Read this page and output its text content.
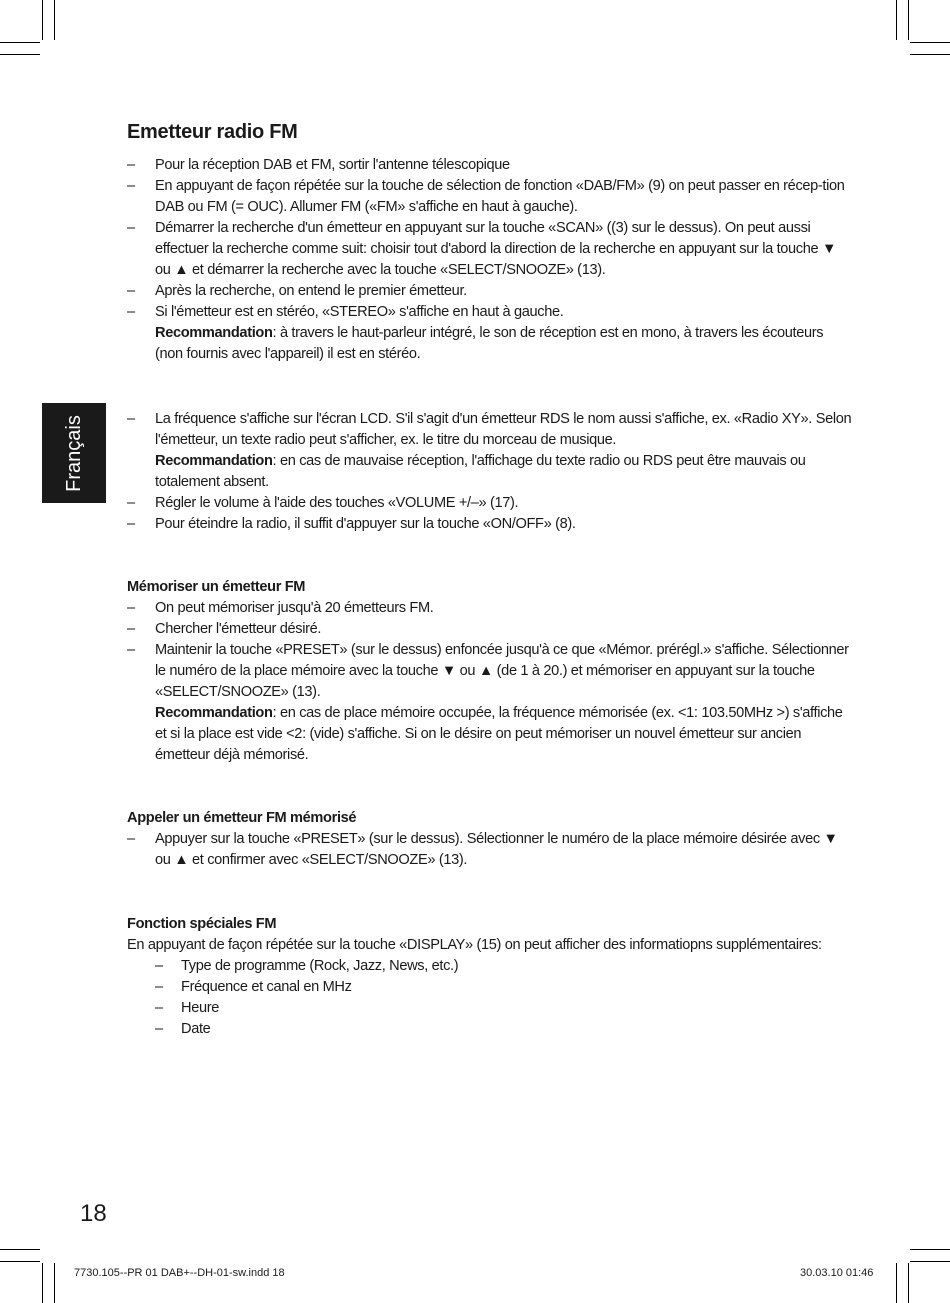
Français
Emetteur radio FM
– Pour la réception DAB et FM, sortir l'antenne télescopique
– En appuyant de façon répétée sur la touche de sélection de fonction «DAB/FM» (9) on peut passer en récep-tion DAB ou FM (= OUC). Allumer FM («FM» s'affiche en haut à gauche).
– Démarrer la recherche d'un émetteur en appuyant sur la touche «SCAN» ((3) sur le dessus). On peut aussi effectuer la recherche comme suit: choisir tout d'abord la direction de la recherche en appuyant sur la touche ▼ ou ▲ et démarrer la recherche avec la touche «SELECT/SNOOZE» (13).
– Après la recherche, on entend le premier émetteur.
– Si l'émetteur est en stéréo, «STEREO» s'affiche en haut à gauche.
Recommandation: à travers le haut-parleur intégré, le son de réception est en mono, à travers les écouteurs (non fournis avec l'appareil) il est en stéréo.
– La fréquence s'affiche sur l'écran LCD. S'il s'agit d'un émetteur RDS le nom aussi s'affiche, ex. «Radio XY». Selon l'émetteur, un texte radio peut s'afficher, ex. le titre du morceau de musique.
Recommandation: en cas de mauvaise réception, l'affichage du texte radio ou RDS peut être mauvais ou totalement absent.
– Régler le volume à l'aide des touches «VOLUME +/–» (17).
– Pour éteindre la radio, il suffit d'appuyer sur la touche «ON/OFF» (8).
Mémoriser un émetteur FM
– On peut mémoriser jusqu'à 20 émetteurs FM.
– Chercher l'émetteur désiré.
– Maintenir la touche «PRESET» (sur le dessus) enfoncée jusqu'à ce que «Mémor. prérégl.» s'affiche. Sélectionner le numéro de la place mémoire avec la touche ▼ ou ▲ (de 1 à 20.) et mémoriser en appuyant sur la touche «SELECT/SNOOZE» (13).
Recommandation: en cas de place mémoire occupée, la fréquence mémorisée (ex. <1: 103.50MHz >) s'affiche et si la place est vide <2: (vide) s'affiche. Si on le désire on peut mémoriser un nouvel émetteur sur ancien émetteur déjà mémorisé.
Appeler un émetteur FM mémorisé
– Appuyer sur la touche «PRESET» (sur le dessus). Sélectionner le numéro de la place mémoire désirée avec ▼ ou ▲ et confirmer avec «SELECT/SNOOZE» (13).
Fonction spéciales FM

En appuyant de façon répétée sur la touche «DISPLAY» (15) on peut afficher des informatiopns supplémentaires:

– Type de programme (Rock, Jazz, News, etc.)
– Fréquence et canal en MHz
– Heure
– Date
18
7730.105--PR 01 DAB+--DH-01-sw.indd 18	30.03.10 01:46
